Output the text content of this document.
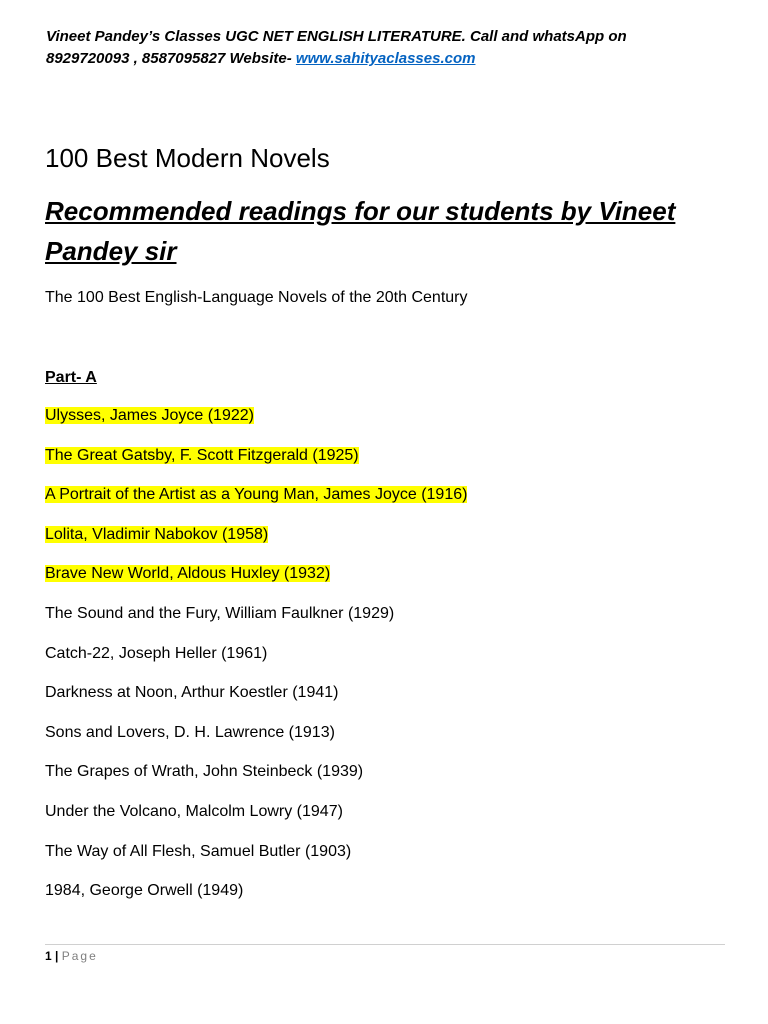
Vineet Pandey’s Classes UGC NET ENGLISH LITERATURE. Call and whatsApp on
8929720093 , 8587095827 Website- www.sahityaclasses.com
100 Best Modern Novels
Recommended readings for our students by Vineet Pandey sir
The 100 Best English-Language Novels of the 20th Century
Part- A
Ulysses, James Joyce (1922)
The Great Gatsby, F. Scott Fitzgerald (1925)
A Portrait of the Artist as a Young Man, James Joyce (1916)
Lolita, Vladimir Nabokov (1958)
Brave New World, Aldous Huxley (1932)
The Sound and the Fury, William Faulkner (1929)
Catch-22, Joseph Heller (1961)
Darkness at Noon, Arthur Koestler (1941)
Sons and Lovers, D. H. Lawrence (1913)
The Grapes of Wrath, John Steinbeck (1939)
Under the Volcano, Malcolm Lowry (1947)
The Way of All Flesh, Samuel Butler (1903)
1984, George Orwell (1949)
1 | Page
